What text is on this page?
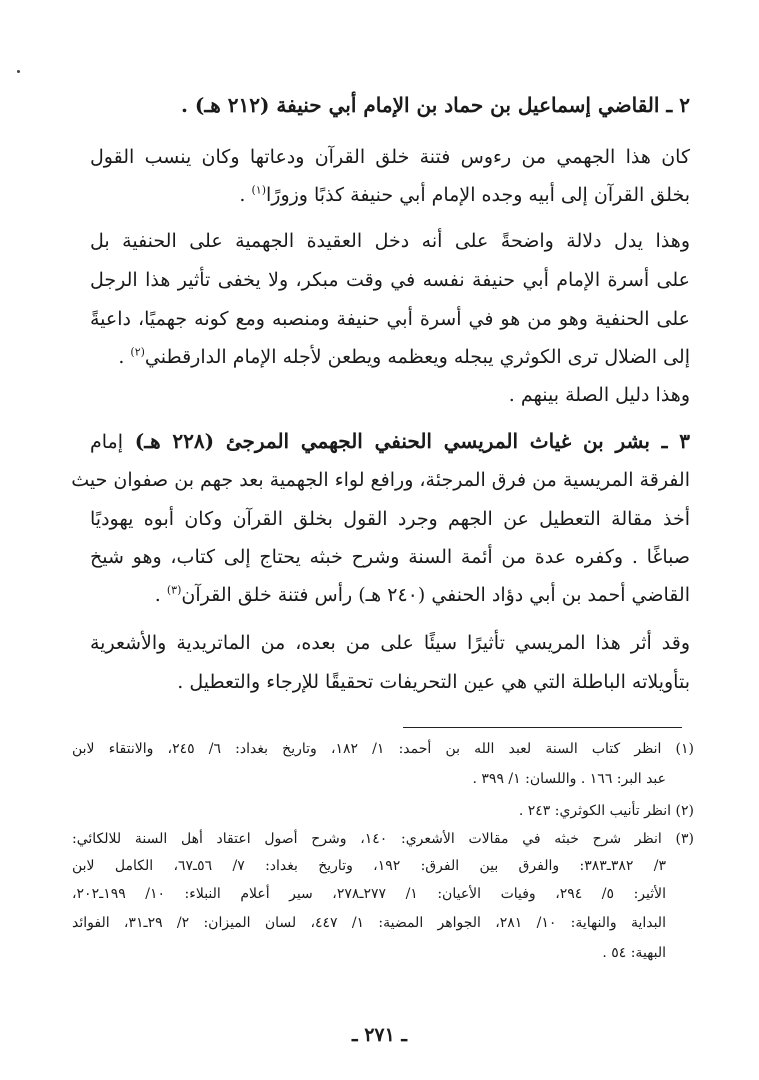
٢ ـ القاضي إسماعيل بن حماد بن الإمام أبي حنيفة (٢١٢ هـ) .
كان هذا الجهمي من رءوس فتنة خلق القرآن ودعاتها وكان ينسب القول
بخلق القرآن إلى أبيه وجده الإمام أبي حنيفة كذبًا وزورًا$^{(١)}$ .
وهذا يدل دلالة واضحةً على أنه دخل العقيدة الجهمية على الحنفية بل
على أسرة الإمام أبي حنيفة نفسه في وقت مبكر، ولا يخفى تأثير هذا الرجل
على الحنفية وهو من هو في أسرة أبي حنيفة ومنصبه ومع كونه جهميًا، داعيةً
إلى الضلال ترى الكوثري يبجله ويعظمه ويطعن لأجله الإمام الدارقطني$^{(٢)}$ .
وهذا دليل الصلة بينهم .
٣ ـ بشر بن غياث المريسي الحنفي الجهمي المرجئ (٢٢٨ هـ) إمام
الفرقة المريسية من فرق المرجئة، ورافع لواء الجهمية بعد جهم بن صفوان حيث
أخذ مقالة التعطيل عن الجهم وجرد القول بخلق القرآن وكان أبوه يهوديًا
صباغًا . وكفره عدة من أئمة السنة وشرح خبثه يحتاج إلى كتاب، وهو شيخ
القاضي أحمد بن أبي دؤاد الحنفي (٢٤٠ هـ) رأس فتنة خلق القرآن$^{(٣)}$ .
وقد أثر هذا المريسي تأثيرًا سيئًا على من بعده، من الماتريدية والأشعرية
بتأويلاته الباطلة التي هي عين التحريفات تحقيقًا للإرجاء والتعطيل .
(١) انظر كتاب السنة لعبد الله بن أحمد: ١/ ١٨٢، وتاريخ بغداد: ٦/ ٢٤٥، والانتقاء لابن
عبد البر: ١٦٦ . واللسان: ١/ ٣٩٩ .
(٢) انظر تأنيب الكوثري: ٢٤٣ .
(٣) انظر شرح خبثه في مقالات الأشعري: ١٤٠، وشرح أصول اعتقاد أهل السنة للالكائي:
٣/ ٣٨٢ـ٣٨٣: والفرق بين الفرق: ١٩٢، وتاريخ بغداد: ٧/ ٥٦ـ٦٧، الكامل لابن
الأثير: ٥/ ٢٩٤، وفيات الأعيان: ١/ ٢٧٧ـ٢٧٨، سير أعلام النبلاء: ١٠/ ١٩٩ـ٢٠٢،
البداية والنهاية: ١٠/ ٢٨١، الجواهر المضية: ١/ ٤٤٧، لسان الميزان: ٢/ ٢٩ـ٣١، الفوائد
البهية: ٥٤ .
ـ ٢٧١ ـ
